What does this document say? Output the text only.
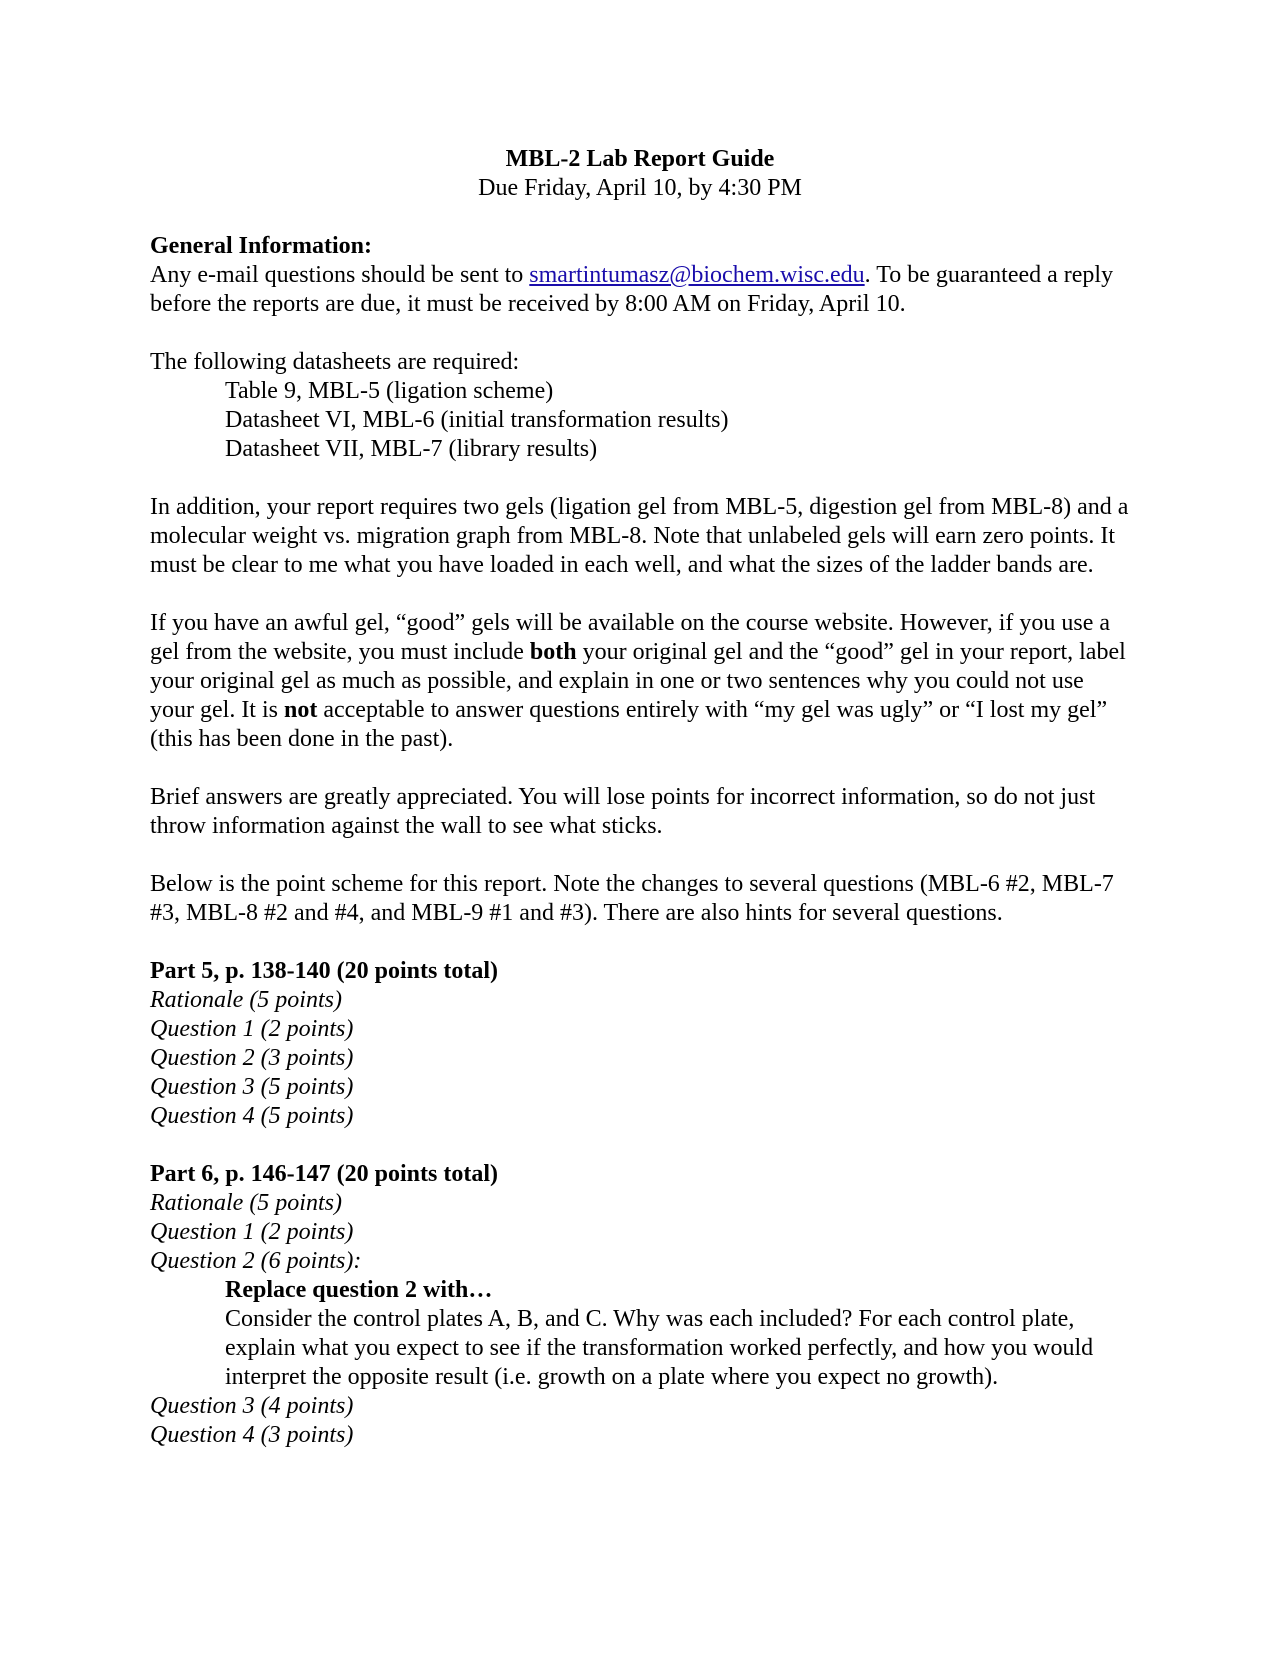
MBL-2 Lab Report Guide

Due Friday, April 10, by 4:30 PM

General Information:

Any e-mail questions should be sent to smartintumasz@biochem.wisc.edu. To be guaranteed a reply before the reports are due, it must be received by 8:00 AM on Friday, April 10.

The following datasheets are required:

Table 9, MBL-5 (ligation scheme)
Datasheet VI, MBL-6 (initial transformation results)
Datasheet VII, MBL-7 (library results)

In addition, your report requires two gels (ligation gel from MBL-5, digestion gel from MBL-8) and a molecular weight vs. migration graph from MBL-8. Note that unlabeled gels will earn zero points. It must be clear to me what you have loaded in each well, and what the sizes of the ladder bands are.

If you have an awful gel, “good” gels will be available on the course website. However, if you use a gel from the website, you must include both your original gel and the “good” gel in your report, label your original gel as much as possible, and explain in one or two sentences why you could not use your gel. It is not acceptable to answer questions entirely with “my gel was ugly” or “I lost my gel” (this has been done in the past).

Brief answers are greatly appreciated. You will lose points for incorrect information, so do not just throw information against the wall to see what sticks.

Below is the point scheme for this report. Note the changes to several questions (MBL-6 #2, MBL-7 #3, MBL-8 #2 and #4, and MBL-9 #1 and #3). There are also hints for several questions.

Part 5, p. 138-140 (20 points total)

Rationale (5 points)
Question 1 (2 points)
Question 2 (3 points)
Question 3 (5 points)
Question 4 (5 points)

Part 6, p. 146-147 (20 points total)

Rationale (5 points)
Question 1 (2 points)
Question 2 (6 points):
Replace question 2 with…
Consider the control plates A, B, and C. Why was each included? For each control plate, explain what you expect to see if the transformation worked perfectly, and how you would interpret the opposite result (i.e. growth on a plate where you expect no growth).
Question 3 (4 points)
Question 4 (3 points)
